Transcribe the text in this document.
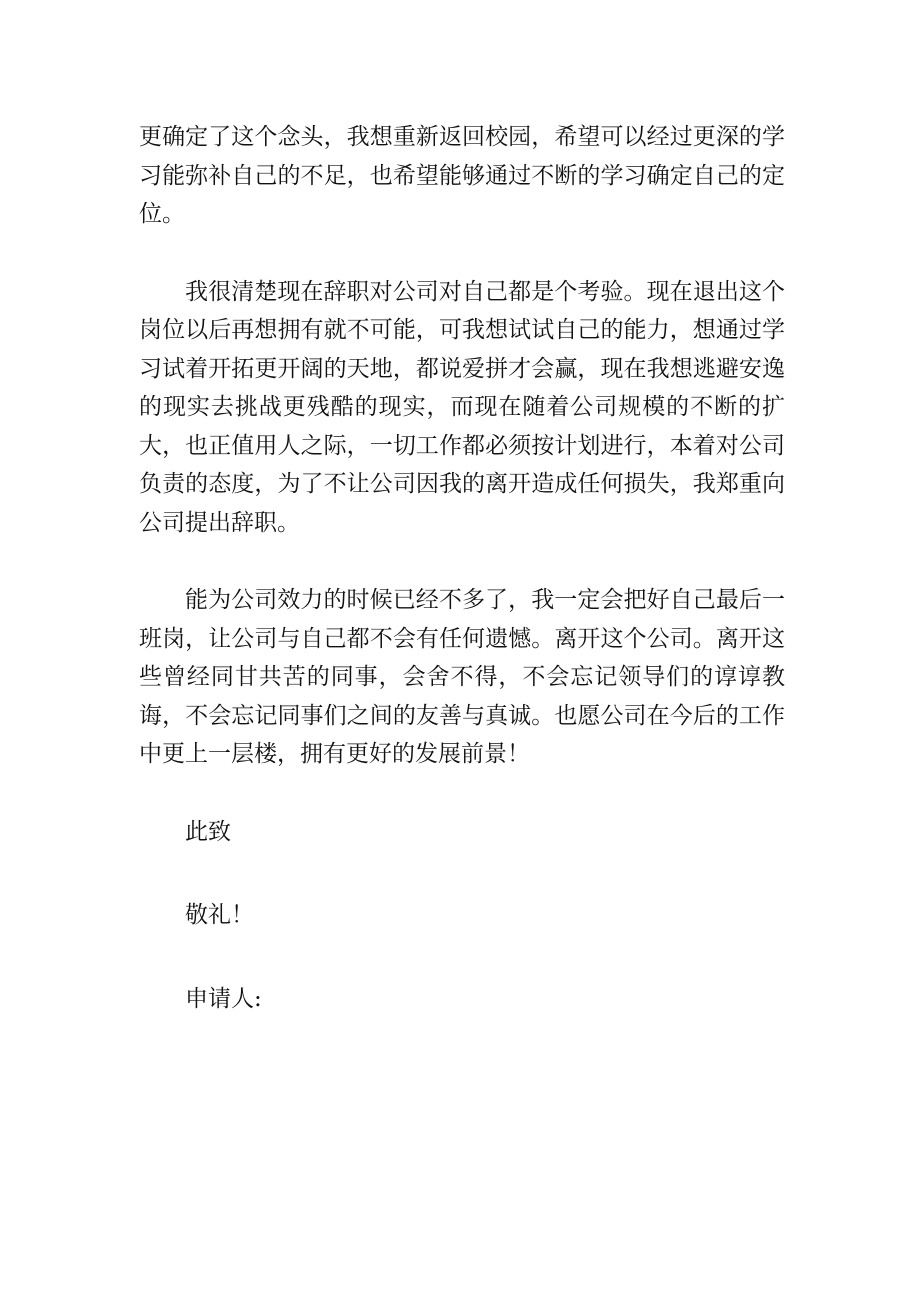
更确定了这个念头，我想重新返回校园，希望可以经过更深的学习能弥补自己的不足，也希望能够通过不断的学习确定自己的定位。

我很清楚现在辞职对公司对自己都是个考验。现在退出这个岗位以后再想拥有就不可能，可我想试试自己的能力，想通过学习试着开拓更开阔的天地，都说爱拼才会赢，现在我想逃避安逸的现实去挑战更残酷的现实，而现在随着公司规模的不断的扩大，也正值用人之际，一切工作都必须按计划进行，本着对公司负责的态度，为了不让公司因我的离开造成任何损失，我郑重向公司提出辞职。

能为公司效力的时候已经不多了，我一定会把好自己最后一班岗，让公司与自己都不会有任何遗憾。离开这个公司。离开这些曾经同甘共苦的同事，会舍不得，不会忘记领导们的谆谆教诲，不会忘记同事们之间的友善与真诚。也愿公司在今后的工作中更上一层楼，拥有更好的发展前景！

此致

敬礼！

申请人:
